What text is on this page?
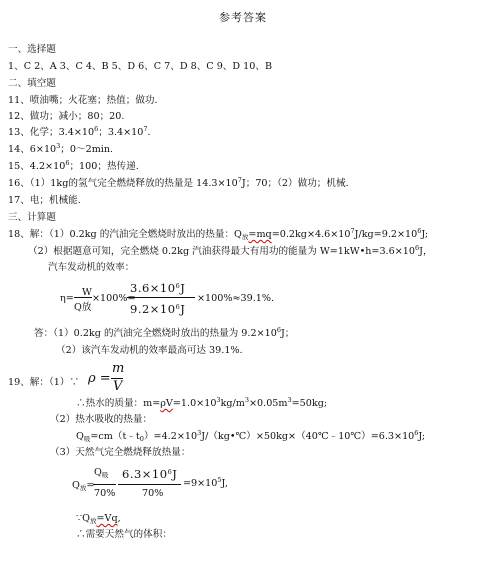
参考答案
一、选择题
1、C 2、A 3、C 4、B 5、D 6、C 7、D 8、C 9、D 10、B
二、填空题
11、喷油嘴；火花塞；热值；做功．
12、做功；减小；80；20.
13、化学；$3.4\times 10^6$；$3.4\times 10^7$.
14、$6\times 10^3$；0～2min.
15、$4.2\times 10^6$；100；热传递.
16、（1）1kg的氢气完全燃烧释放的热量是 $14.3\times 10^7J$；70；（2）做功；机械.
17、电；机械能.
三、计算题
18、解：（1）0.2kg 的汽油完全燃烧时放出的热量：$Q_放=mq=0.2kg\times 4.6\times 10^7J/kg=9.2\times 10^6J$;
（2）根据题意可知，完全燃烧 0.2kg 汽油获得最大有用功的能量为 $W=1kW•h=3.6\times 10^6J$，
汽车发动机的效率：
η=
W
Q放
×100%=
$3.6\times 10^6J$
$9.2\times 10^6J$
×100%≈39.1%.
答：（1）0.2kg 的汽油完全燃烧时放出的热量为 $9.2\times 10^6J$；
（2）该汽车发动机的效率最高可达 39.1%.
19、解：（1）∵ ρ =
m
V
∴热水的质量：$m=\rho V=1.0\times 10^3kg/m^3\times 0.05m^3=50kg$;
（2）热水吸收的热量：
$Q_吸=cm(t﹣t_0)=4.2\times 10^3J/(kg•℃)\times 50kg\times(40℃﹣10℃)=6.3\times 10^6J$;
（3）天然气完全燃烧释放热量：
$Q_放=$
$Q_吸$ $6.3\times 10^6J$
70%	70%
$=9\times 10^5J$,
$\because Q_放=Vq$,
∴需要天然气的体积：
